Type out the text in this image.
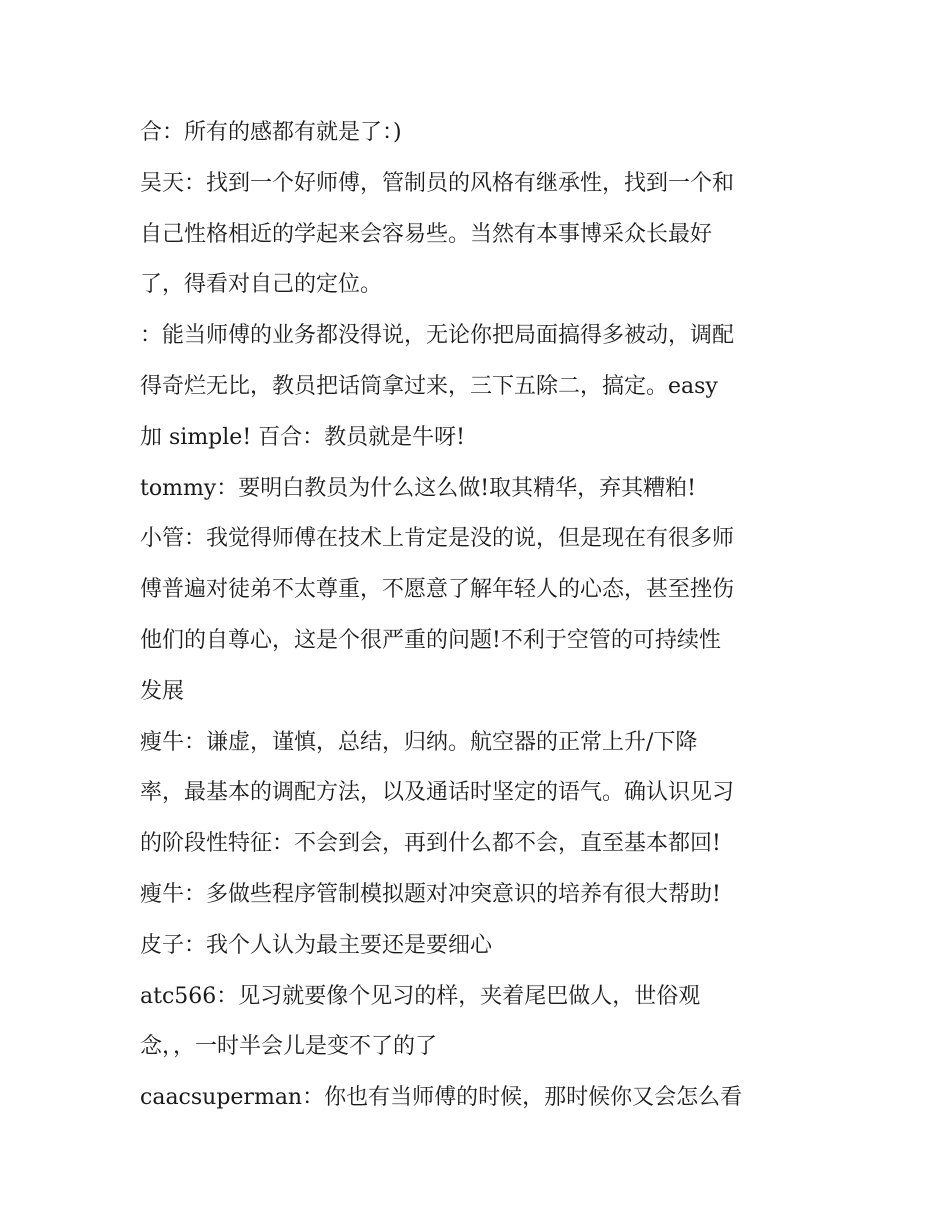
合：所有的感都有就是了：)
吴天：找到一个好师傅，管制员的风格有继承性，找到一个和
自己性格相近的学起来会容易些。当然有本事博采众长最好
了，得看对自己的定位。
：能当师傅的业务都没得说，无论你把局面搞得多被动，调配
得奇烂无比，教员把话筒拿过来，三下五除二，搞定。easy
加 simple! 百合：教员就是牛呀!
tommy：要明白教员为什么这么做!取其精华，弃其糟粕!
小管：我觉得师傅在技术上肯定是没的说，但是现在有很多师
傅普遍对徒弟不太尊重，不愿意了解年轻人的心态，甚至挫伤
他们的自尊心，这是个很严重的问题!不利于空管的可持续性
发展
瘦牛：谦虚，谨慎，总结，归纳。航空器的正常上升/下降
率，最基本的调配方法，以及通话时坚定的语气。确认识见习
的阶段性特征：不会到会，再到什么都不会，直至基本都回!
瘦牛：多做些程序管制模拟题对冲突意识的培养有很大帮助!
皮子：我个人认为最主要还是要细心
atc566：见习就要像个见习的样，夹着尾巴做人，世俗观
念，，一时半会儿是变不了的了
caacsuperman：你也有当师傅的时候，那时候你又会怎么看
